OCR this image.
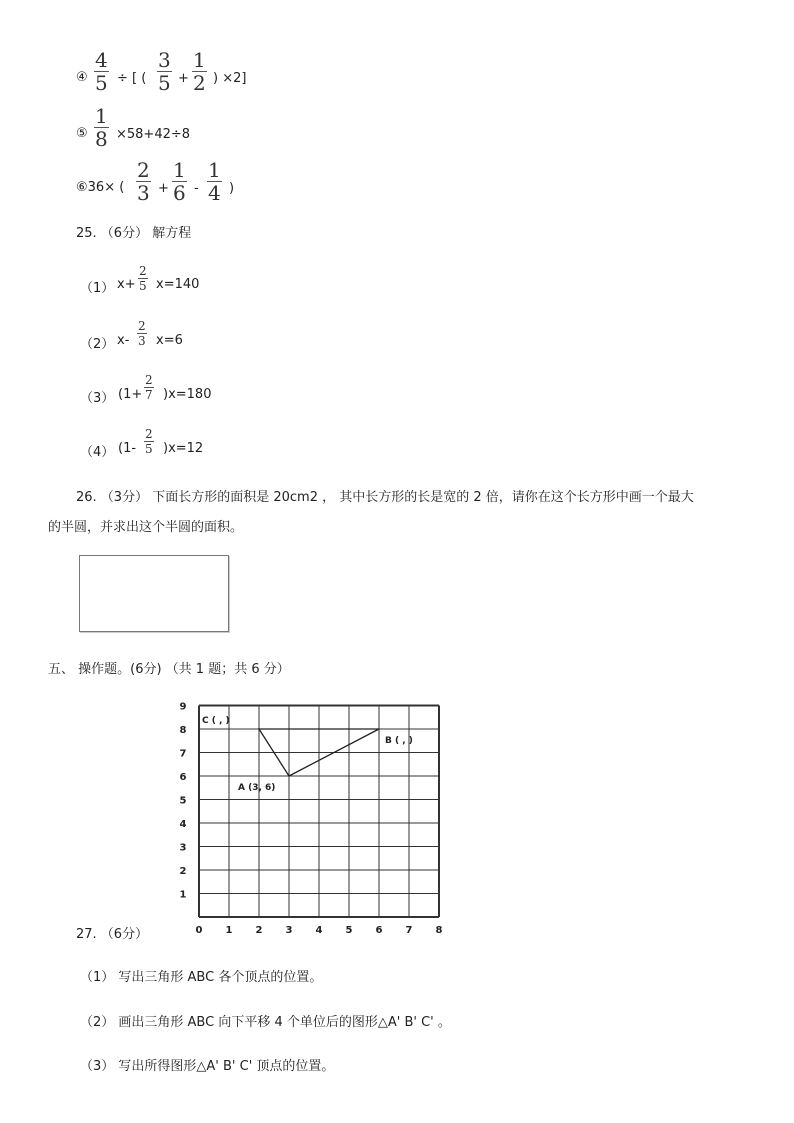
④ $\frac{4}{5}$ ÷ [ ( $\frac{3}{5} + \frac{1}{2}$ ) ×2]
⑤ $\frac{1}{8} \times 58+42\div 8$
⑥36× ( $\frac{2}{3} + \frac{1}{6} - \frac{1}{4}$ )
25. （6分） 解方程
（1） $x+ \frac{2}{5} x=140$
（2） $x- \frac{2}{3} x=6$
（3） $(1+ \frac{2}{7} )x=180$
（4） $(1- \frac{2}{5} )x=12$
26. （3分） 下面长方形的面积是 20cm2 ， 其中长方形的长是宽的 2 倍，请你在这个长方形中画一个最大
的半圆，并求出这个半圆的面积。
五、 操作题。(6分) （共 1 题；共 6 分）
0 1 2 3 4 5 6 7 8
1
2
3
4
5
6
7
8
9
A (3, 6)
B ( , )
C ( , )
27. （6分）
（1） 写出三角形 ABC 各个顶点的位置。
（2） 画出三角形 ABC 向下平移 4 个单位后的图形△A' B' C' 。
（3） 写出所得图形△A' B' C' 顶点的位置。
